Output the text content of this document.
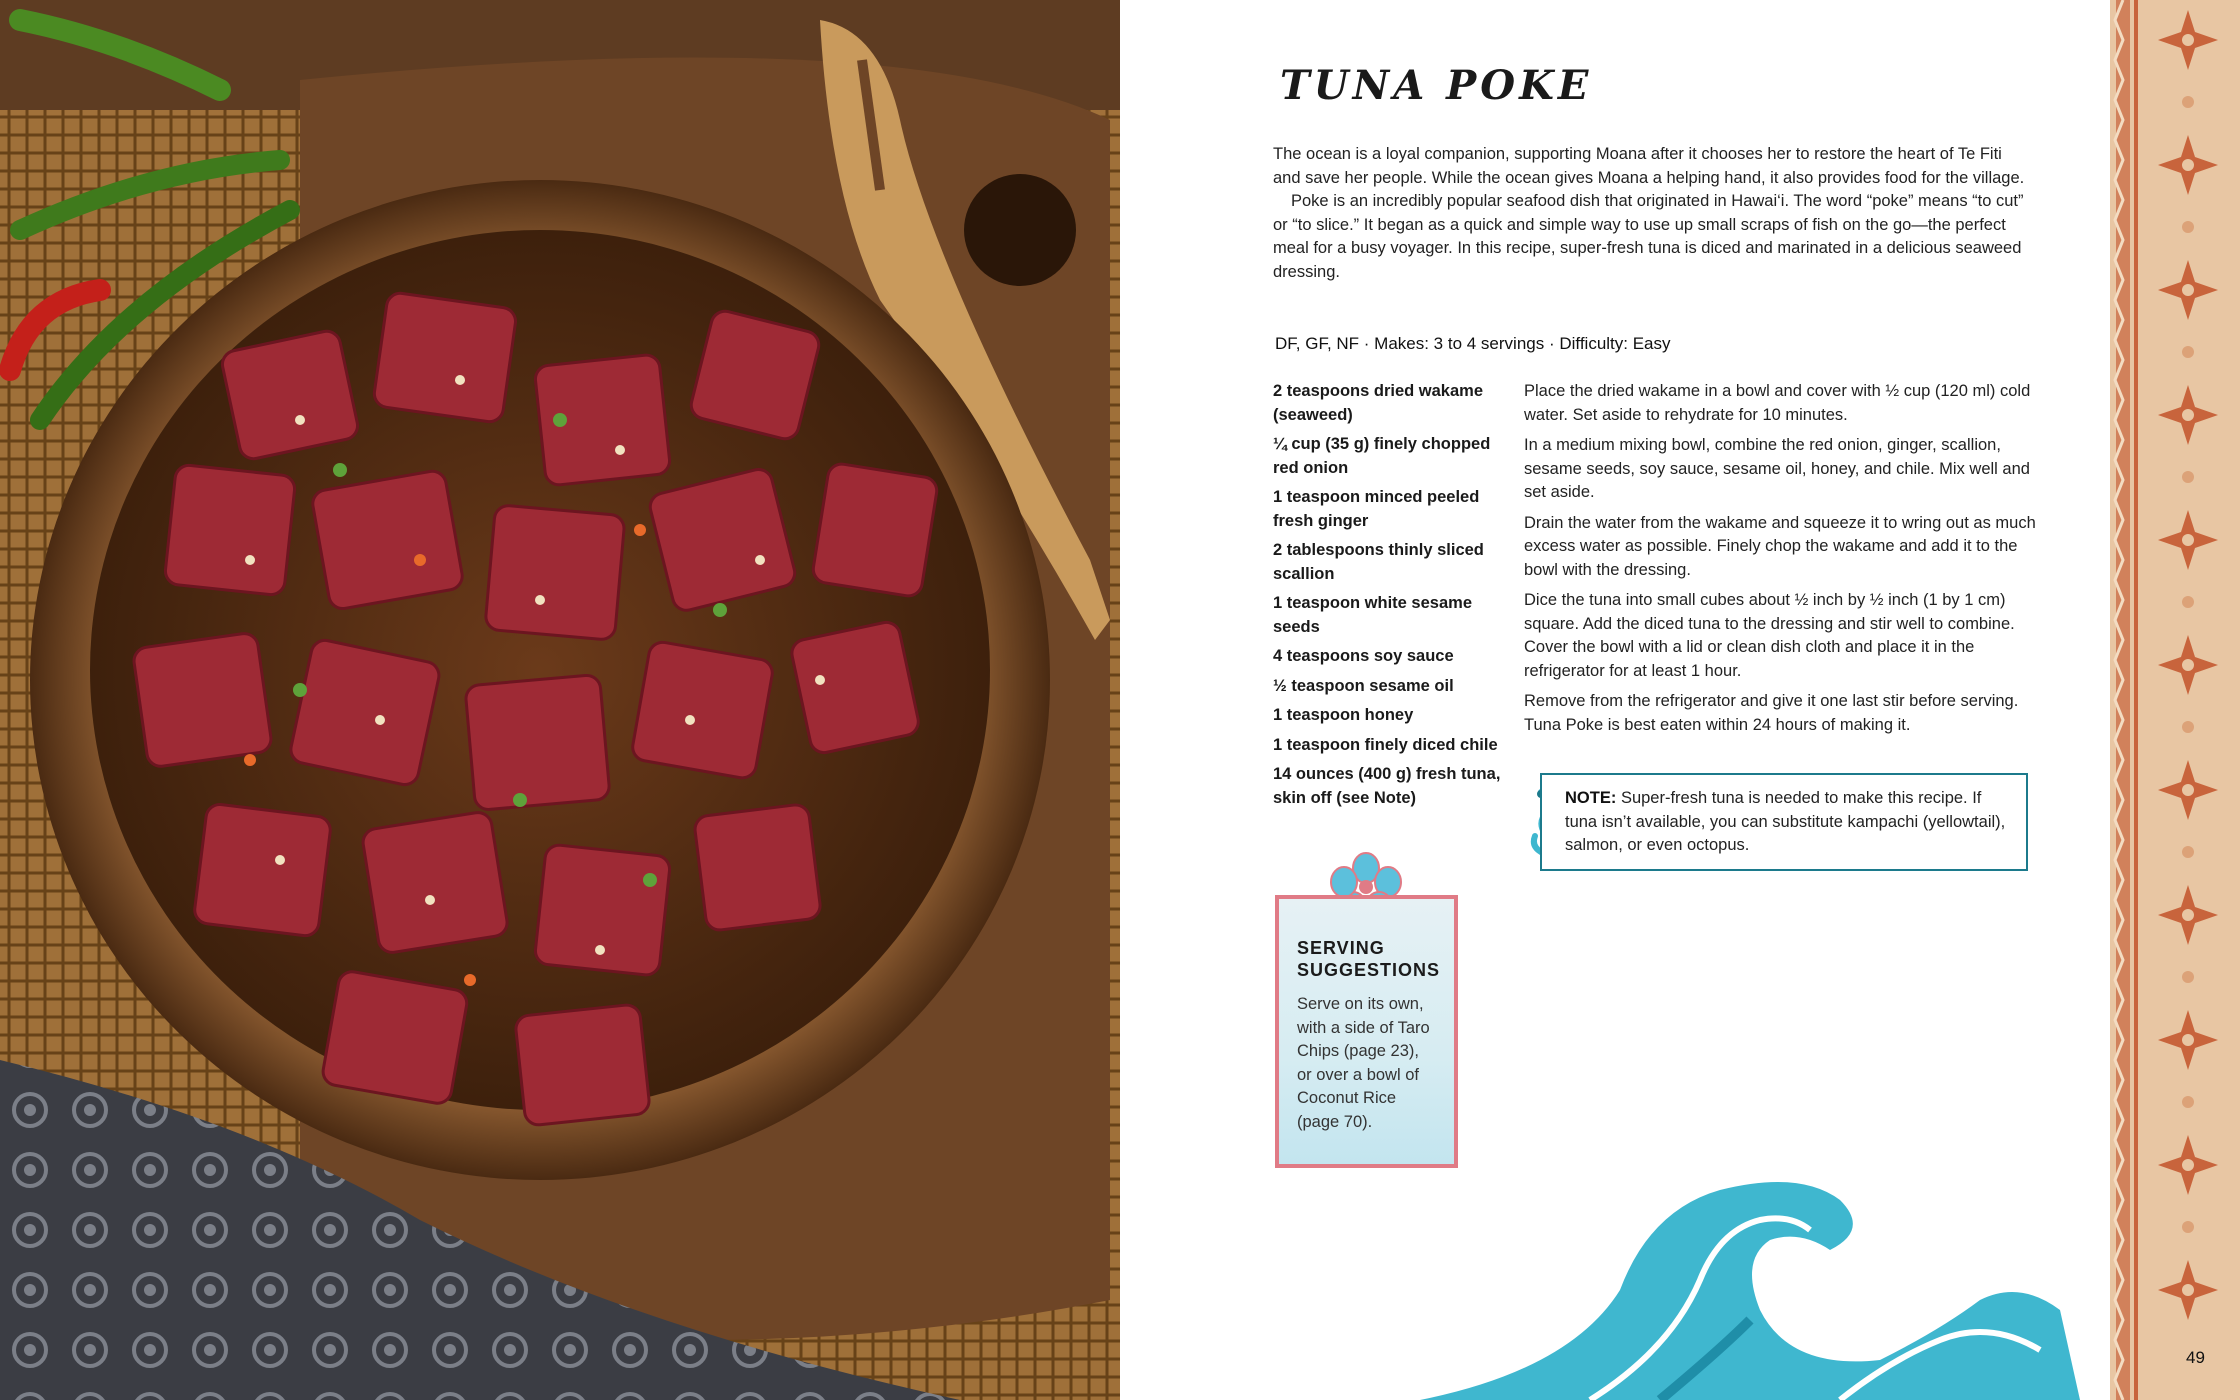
TUNA POKE

The ocean is a loyal companion, supporting Moana after it chooses her to restore the heart of Te Fiti and save her people. While the ocean gives Moana a helping hand, it also provides food for the village.

Poke is an incredibly popular seafood dish that originated in Hawai‘i. The word “poke” means “to cut” or “to slice.” It began as a quick and simple way to use up small scraps of fish on the go—the perfect meal for a busy voyager. In this recipe, super-fresh tuna is diced and marinated in a delicious seaweed dressing.

DF, GF, NF · Makes: 3 to 4 servings · Difficulty: Easy
2 teaspoons dried wakame (seaweed)
¼ cup (35 g) finely chopped red onion
1 teaspoon minced peeled fresh ginger
2 tablespoons thinly sliced scallion
1 teaspoon white sesame seeds
4 teaspoons soy sauce
½ teaspoon sesame oil
1 teaspoon honey
1 teaspoon finely diced chile
14 ounces (400 g) fresh tuna, skin off (see Note)
Place the dried wakame in a bowl and cover with ½ cup (120 ml) cold water. Set aside to rehydrate for 10 minutes.
In a medium mixing bowl, combine the red onion, ginger, scallion, sesame seeds, soy sauce, sesame oil, honey, and chile. Mix well and set aside.
Drain the water from the wakame and squeeze it to wring out as much excess water as possible. Finely chop the wakame and add it to the bowl with the dressing.
Dice the tuna into small cubes about ½ inch by ½ inch (1 by 1 cm) square. Add the diced tuna to the dressing and stir well to combine. Cover the bowl with a lid or clean dish cloth and place it in the refrigerator for at least 1 hour.
Remove from the refrigerator and give it one last stir before serving. Tuna Poke is best eaten within 24 hours of making it.
NOTE: Super-fresh tuna is needed to make this recipe. If tuna isn’t available, you can substitute kampachi (yellowtail), salmon, or even octopus.
SERVING SUGGESTIONS
Serve on its own, with a side of Taro Chips (page 23), or over a bowl of Coconut Rice (page 70).
49
